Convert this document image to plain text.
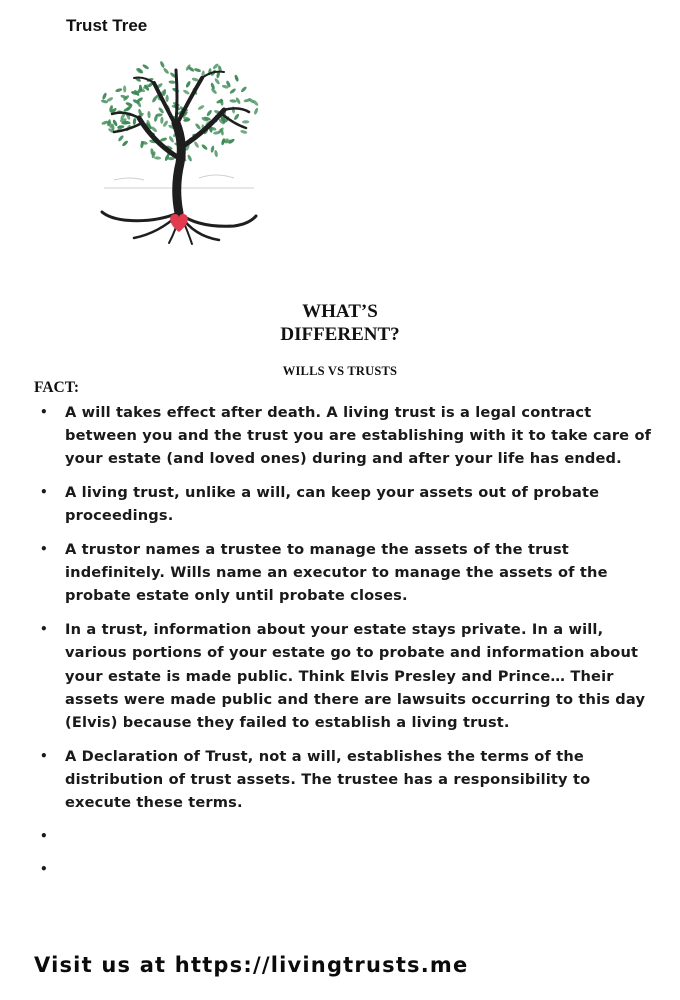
Trust Tree
WHAT’S
DIFFERENT?
WILLS VS TRUSTS
FACT:
• A will takes effect after death. A living trust is a legal contract between you and the trust you are establishing with it to take care of your estate (and loved ones) during and after your life has ended.
• A living trust, unlike a will, can keep your assets out of probate proceedings.
• A trustor names a trustee to manage the assets of the trust indefinitely. Wills name an executor to manage the assets of the probate estate only until probate closes.
• In a trust, information about your estate stays private. In a will, various portions of your estate go to probate and information about your estate is made public. Think Elvis Presley and Prince… Their assets were made public and there are lawsuits occurring to this day (Elvis) because they failed to establish a living trust.
• A Declaration of Trust, not a will, establishes the terms of the distribution of trust assets. The trustee has a responsibility to execute these terms.
•
•
Visit us at https://livingtrusts.me
